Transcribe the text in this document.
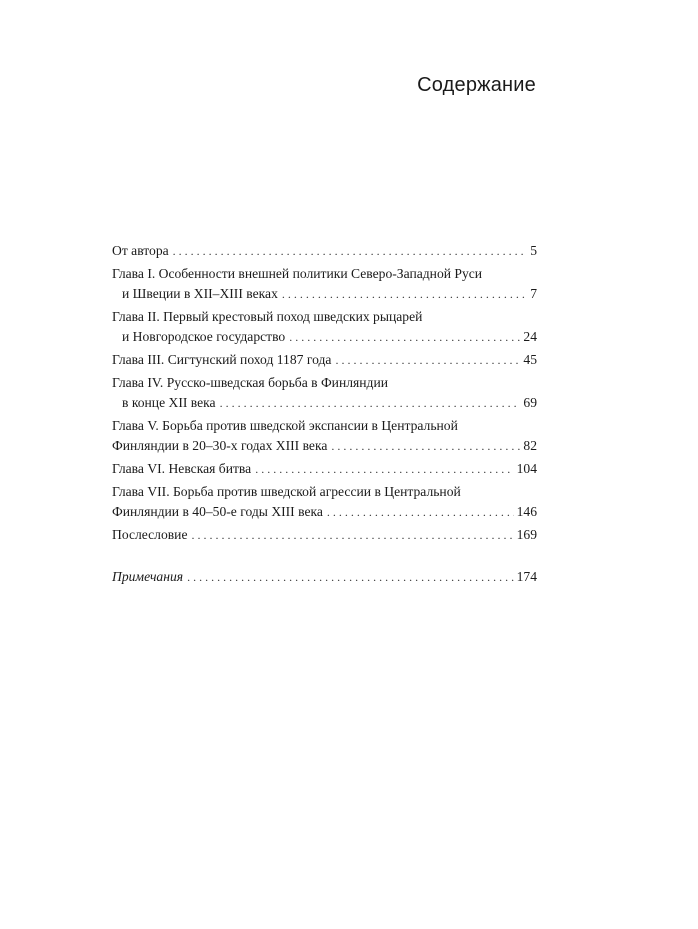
Содержание
От автора . . .	5
Глава I. Особенности внешней политики Северо-Западной Руси
и Швеции в XII–XIII веках . . .	7
Глава II. Первый крестовый поход шведских рыцарей
и Новгородское государство . . .	24
Глава III. Сигтунский поход 1187 года . . .	45
Глава IV. Русско-шведская борьба в Финляндии
в конце XII века . . .	69
Глава V. Борьба против шведской экспансии в Центральной
Финляндии в 20–30-х годах XIII века . . .	82
Глава VI. Невская битва . . .	104
Глава VII. Борьба против шведской агрессии в Центральной
Финляндии в 40–50-е годы XIII века . . .	146
Послесловие . . .	169
Примечания . . .	174
